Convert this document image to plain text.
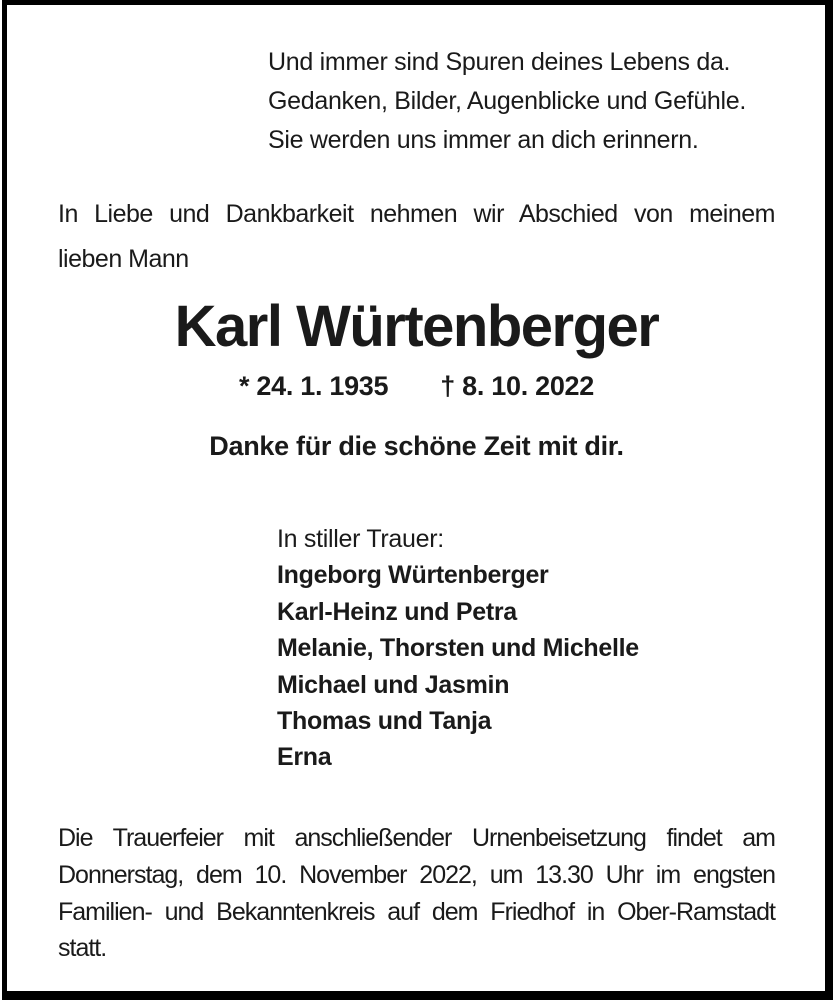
Und immer sind Spuren deines Lebens da.
Gedanken, Bilder, Augenblicke und Gefühle.
Sie werden uns immer an dich erinnern.
In Liebe und Dankbarkeit nehmen wir Abschied von meinem
lieben Mann
Karl Würtenberger
* 24. 1. 1935 † 8. 10. 2022
Danke für die schöne Zeit mit dir.
In stiller Trauer:
Ingeborg Würtenberger
Karl-Heinz und Petra
Melanie, Thorsten und Michelle
Michael und Jasmin
Thomas und Tanja
Erna
Die Trauerfeier mit anschließender Urnenbeisetzung findet am
Donnerstag, dem 10. November 2022, um 13.30 Uhr im engsten
Familien- und Bekanntenkreis auf dem Friedhof in Ober-Ramstadt
statt.
